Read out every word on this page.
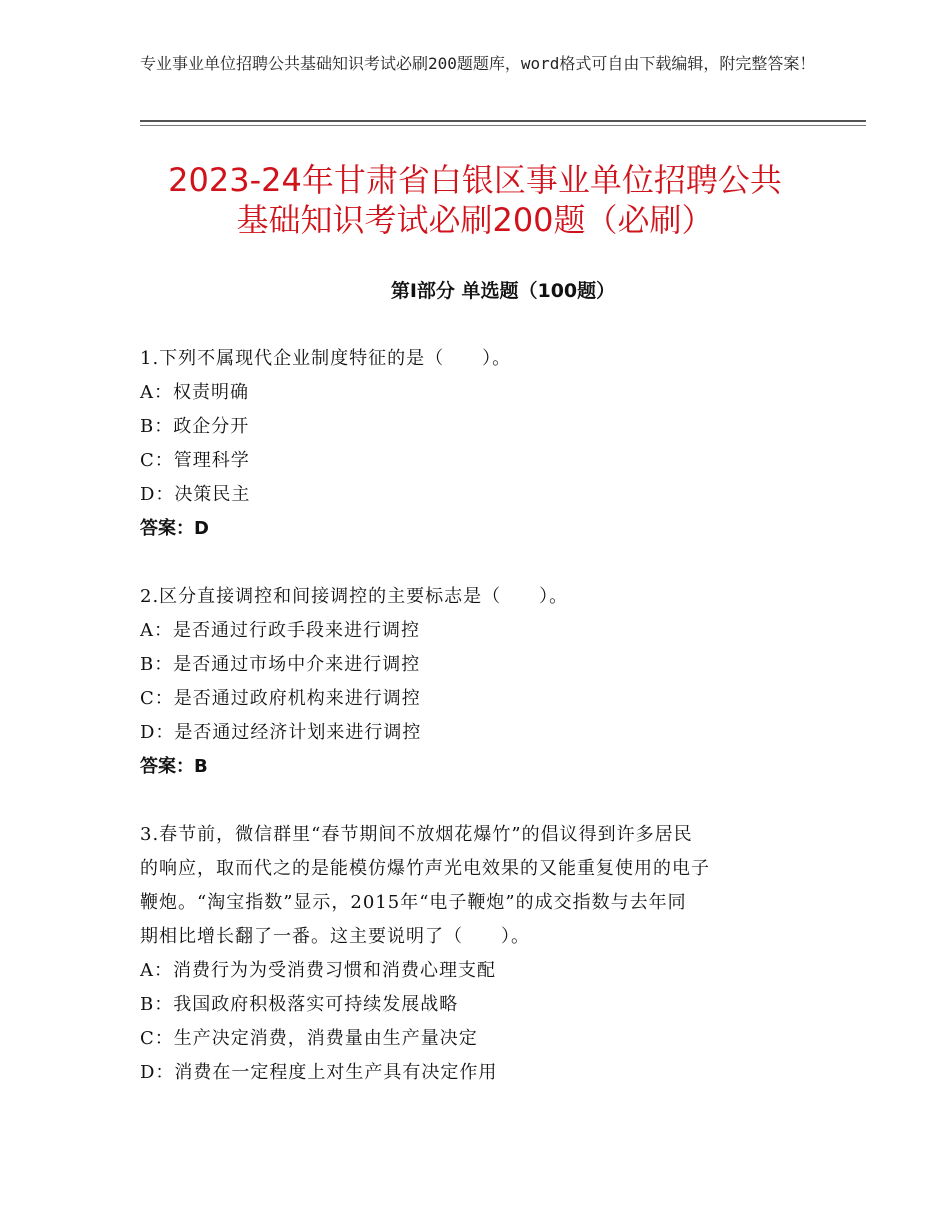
专业事业单位招聘公共基础知识考试必刷200题题库，word格式可自由下载编辑，附完整答案！
2023-24年甘肃省白银区事业单位招聘公共
基础知识考试必刷200题（必刷）
第Ⅰ部分 单选题（100题）
1.下列不属现代企业制度特征的是（　　）。
A：权责明确
B：政企分开
C：管理科学
D：决策民主
答案：D
2.区分直接调控和间接调控的主要标志是（　　）。
A：是否通过行政手段来进行调控
B：是否通过市场中介来进行调控
C：是否通过政府机构来进行调控
D：是否通过经济计划来进行调控
答案：B
3.春节前，微信群里“春节期间不放烟花爆竹”的倡议得到许多居民
的响应，取而代之的是能模仿爆竹声光电效果的又能重复使用的电子
鞭炮。“淘宝指数”显示，2015年“电子鞭炮”的成交指数与去年同
期相比增长翻了一番。这主要说明了（　　）。
A：消费行为为受消费习惯和消费心理支配
B：我国政府积极落实可持续发展战略
C：生产决定消费，消费量由生产量决定
D：消费在一定程度上对生产具有决定作用
